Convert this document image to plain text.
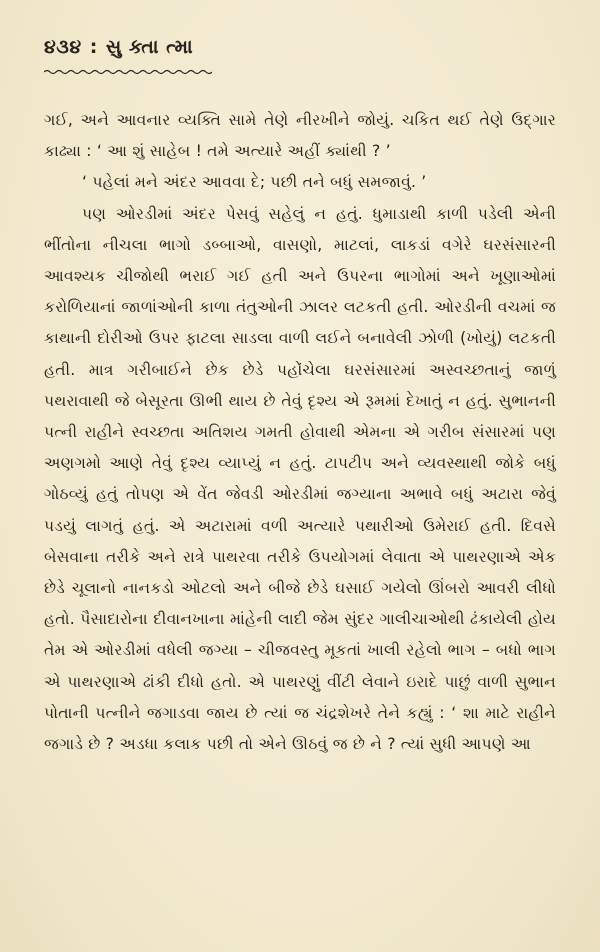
૪૩૪ : સુ ક્તા ત્મા

ગઈ, અને આવનાર વ્યક્તિ સામે તેણે નીરખીને જોયું. ચકિત થઈ તેણે ઉદ્‌ગાર કાઢ્યા : ‘ આ શું સાહેબ ! તમે અત્યારે અહીં ક્યાંથી ? ’

‘ પહેલાં મને અંદર આવવા દે; પછી તને બધું સમજાવું. ’

પણ ઓરડીમાં અંદર પેસવું સહેલું ન હતું. ધુમાડાથી કાળી પડેલી એની ભીંતોના નીચલા ભાગો ડબ્બાઓ, વાસણો, માટલાં, લાકડાં વગેરે ઘરસંસારની આવશ્યક ચીજોથી ભરાઈ ગઈ હતી અને ઉપરના ભાગોમાં અને ખૂણાઓમાં કરોળિયાનાં જાળાંઓની કાળા તંતુઓની ઝાલર લટકતી હતી. ઓરડીની વચમાં જ કાથાની દોરીઓ ઉપર ફાટલા સાડલા વાળી લઈને બનાવેલી ઝોળી (ખોયું) લટકતી હતી. માત્ર ગરીબાઈને છેક છેડે પહોંચેલા ઘરસંસારમાં અસ્વચ્છતાનું જાળું પથરાવાથી જે બેસૂરતા ઊભી થાય છે તેવું દૃશ્ય એ રૂમમાં દેખાતું ન હતું. સુભાનની પત્ની રાહીને સ્વચ્છતા અતિશય ગમતી હોવાથી એમના એ ગરીબ સંસારમાં પણ અણગમો આણે તેવું દૃશ્ય વ્યાપ્યું ન હતું. ટાપટીપ અને વ્યવસ્થાથી જોકે બધું ગોઠવ્યું હતું તોપણ એ વેંત જેવડી ઓરડીમાં જગ્યાના અભાવે બધું અટારા જેવું પડયું લાગતું હતું. એ અટારામાં વળી અત્યારે પથારીઓ ઉમેરાઈ હતી. દિવસે બેસવાના તરીકે અને રાત્રે પાથરવા તરીકે ઉપયોગમાં લેવાતા એ પાથરણાએ એક છેડે ચૂલાનો નાનકડો ઓટલો અને બીજે છેડે ઘસાઈ ગયેલો ઊંબરો આવરી લીધો હતો. પૈસાદારોના દીવાનખાના માંહેની લાદી જેમ સુંદર ગાલીચાઓથી ઢંકાયેલી હોય તેમ એ ઓરડીમાં વધેલી જગ્યા – ચીજવસ્તુ મૂકતાં ખાલી રહેલો ભાગ – બધો ભાગ એ પાથરણાએ ઢાંકી દીધો હતો. એ પાથરણું વીંટી લેવાને ઇરાદે પાછું વાળી સુભાન પોતાની પત્નીને જગાડવા જાય છે ત્યાં જ ચંદ્રશેખરે તેને કહ્યું : ‘ શા માટે રાહીને જગાડે છે ? અડધા કલાક પછી તો એને ઊઠવું જ છે ને ? ત્યાં સુધી આપણે આ
